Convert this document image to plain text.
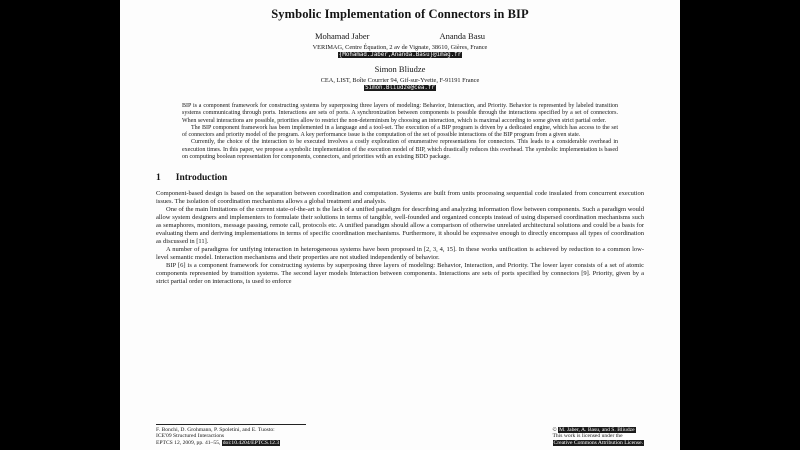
Symbolic Implementation of Connectors in BIP
Mohamad Jaber	Ananda Basu
VERIMAG, Centre Équation, 2 av de Vignate, 38610, Gières, France
{Mohamad.Jaber,Ananda.Basu}@imag.fr
Simon Bliudze
CEA, LIST, Boîte Courrier 94, Gif-sur-Yvette, F-91191 France
Simon.Bliudze@cea.fr

BIP is a component framework for constructing systems by superposing three layers of modeling: Behavior, Interaction, and Priority. Behavior is represented by labeled transition systems communicating through ports. Interactions are sets of ports. A synchronization between components is possible through the interactions specified by a set of connectors. When several interactions are possible, priorities allow to restrict the non-determinism by choosing an interaction, which is maximal according to some given strict partial order.

The BIP component framework has been implemented in a language and a tool-set. The execution of a BIP program is driven by a dedicated engine, which has access to the set of connectors and priority model of the program. A key performance issue is the computation of the set of possible interactions of the BIP program from a given state.

Currently, the choice of the interaction to be executed involves a costly exploration of enumerative representations for connectors. This leads to a considerable overhead in execution times. In this paper, we propose a symbolic implementation of the execution model of BIP, which drastically reduces this overhead. The symbolic implementation is based on computing boolean representation for components, connectors, and priorities with an existing BDD package.

1 Introduction

Component-based design is based on the separation between coordination and computation. Systems are built from units processing sequential code insulated from concurrent execution issues. The isolation of coordination mechanisms allows a global treatment and analysis.

One of the main limitations of the current state-of-the-art is the lack of a unified paradigm for describing and analyzing information flow between components. Such a paradigm would allow system designers and implementers to formulate their solutions in terms of tangible, well-founded and organized concepts instead of using dispersed coordination mechanisms such as semaphores, monitors, message passing, remote call, protocols etc. A unified paradigm should allow a comparison of otherwise unrelated architectural solutions and could be a basis for evaluating them and deriving implementations in terms of specific coordination mechanisms. Furthermore, it should be expressive enough to directly encompass all types of coordination as discussed in [11].

A number of paradigms for unifying interaction in heterogeneous systems have been proposed in [2, 3, 4, 15]. In these works unification is achieved by reduction to a common low-level semantic model. Interaction mechanisms and their properties are not studied independently of behavior.

BIP [6] is a component framework for constructing systems by superposing three layers of modeling: Behavior, Interaction, and Priority. The lower layer consists of a set of atomic components represented by transition systems. The second layer models Interaction between components. Interactions are sets of ports specified by connectors [9]. Priority, given by a strict partial order on interactions, is used to enforce

F. Bonchi, D. Grohmann, P. Spoletini, and E. Tuosto:
ICE'09 Structured Interactions
EPTCS 12, 2009, pp. 41–55, doi:10.4204/EPTCS.12.3
© M. Jaber, A. Basu, and S. Bliudze
This work is licensed under the
Creative Commons Attribution License.
